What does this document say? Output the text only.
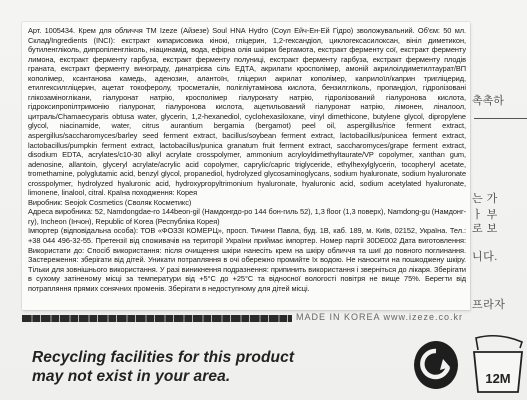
Арт. 1005434. Крем для обличчя TM Izeze (Айзезе) Soul HNA Hydro (Соул Ейч-Ен-Ей Гідро) зволожувальний. Об'єм: 50 мл. Склад/Ingredients (INCI): екстракт кипарисовика кінокі, гліцерин, 1,2-гександіол, циклогексасилоксан, вініл диметикон, бутиленгліколь, дипропіленгліколь, ніацинамід, вода, ефірна олія шкірки бергамота, екстракт ферменту сої, екстракт ферменту лимона, екстракт ферменту гарбуза, екстракт ферменту полуниці, екстракт ферменту гарбуза, екстракт ферменту плодів граната, екстракт ферменту винограду, динатрієва сіль ЕДТА, акрилати кросполімер, амоній акрилоілдиметилтаурат/ВП кополімер, ксантанова камедь, аденозин, алантоїн, гліцерил акрилат кополімер, каприлоїл/каприн тригліцерид, етилгексилгліцерин, ацетат токоферолу, тросметалін, полігліутамінова кислота, бензилгліколь, пропандіол, гідролізовані глікозаміноглікани, гіалуронат натрію, кросполімер гіалуронату натрію, гідролізований гіалуронова кислота, гідроксипропілтримонію гіалуронат, гіалуронова кислота, ацетильований гіалуронат натрію, лімонен, ліналоол, цитраль/Chamaecyparis obtusa water, glycerin, 1,2-hexanediol, cyclohexasiloxane, vinyl dimethicone, butylene glycol, dipropylene glycol, niacinamide, water, citrus aurantium bergamia (bergamot) peel oil, aspergillus/rice ferment extract, aspergillus/saccharomyces/barley seed ferment extract, bacillus/soybean ferment extract, lactobacillus/punicea ferment extract, lactobacillus/pumpkin ferment extract, lactobacillus/punica granatum fruit ferment extract, saccharomyces/grape ferment extract, disodium EDTA, acrylates/c10-30 alkyl acrylate crosspolymer, ammonium acryloyldimethyltaurate/VP copolymer, xanthan gum, adenosine, allantoin, glyceryl acrylate/acrylic acid copolymer, caprylic/capric triglyceride, ethylhexylglycerin, tocopheryl acetate, tromethamine, polyglutamic acid, benzyl glycol, propanediol, hydrolyzed glycosaminoglycans, sodium hyaluronate, sodium hyaluronate crosspolymer, hydrolyzed hyaluronic acid, hydroxypropyltrimonium hyaluronate, hyaluronic acid, sodium acetylated hyaluronate, limonene, linalool, citral. Країна походження: Корея

Виробник: Seojok Cosmetics (Своляк Косметикс)

Адреса виробника: 52, Namdongdae-ro 144beon-gil (Намдонгдо-ро 144 бон-гиль 52), 1,3 floor (1,3 поверх), Namdong-gu (Намдонг-гу), Incheon (Інчон), Republic of Korea (Республіка Корея)

Імпортер (відповідальна особа): ТОВ «ФОЗЗІ КОМЕРЦ», просп. Тичини Павла, буд. 1В, каб. 189, м. Київ, 02152, Україна. Тел.: +38 044 496-32-55. Претензії від споживачів на території України приймає імпортер. Номер партії 30DE002 Дата виготовлення: Використати до: Спосіб використання: після очищення шкіри нанесіть крем на шкіру обличчя та шиї до повного поглинання. Застереження: зберігати від дітей. Уникати потрапляння в очі обережно промийте їх водою. Не наносити на пошкоджену шкіру. Тільки для зовнішнього використання. У разі виникнення подразнення: припинить використання і зверніться до лікаря. Зберігати в сухому затіненому місці за температури від +5°С до +25°С та відносної вологості повітря не вище 75%. Берегти від потрапляння прямих сонячних променів. Зберігати в недоступному для дітей місці.

촉촉하
는 가
ㅏ 부
로 보
니다.
프라자
MADE IN KOREA www.izeze.co.kr
Recycling facilities for this product
may not exist in your area.	12M
